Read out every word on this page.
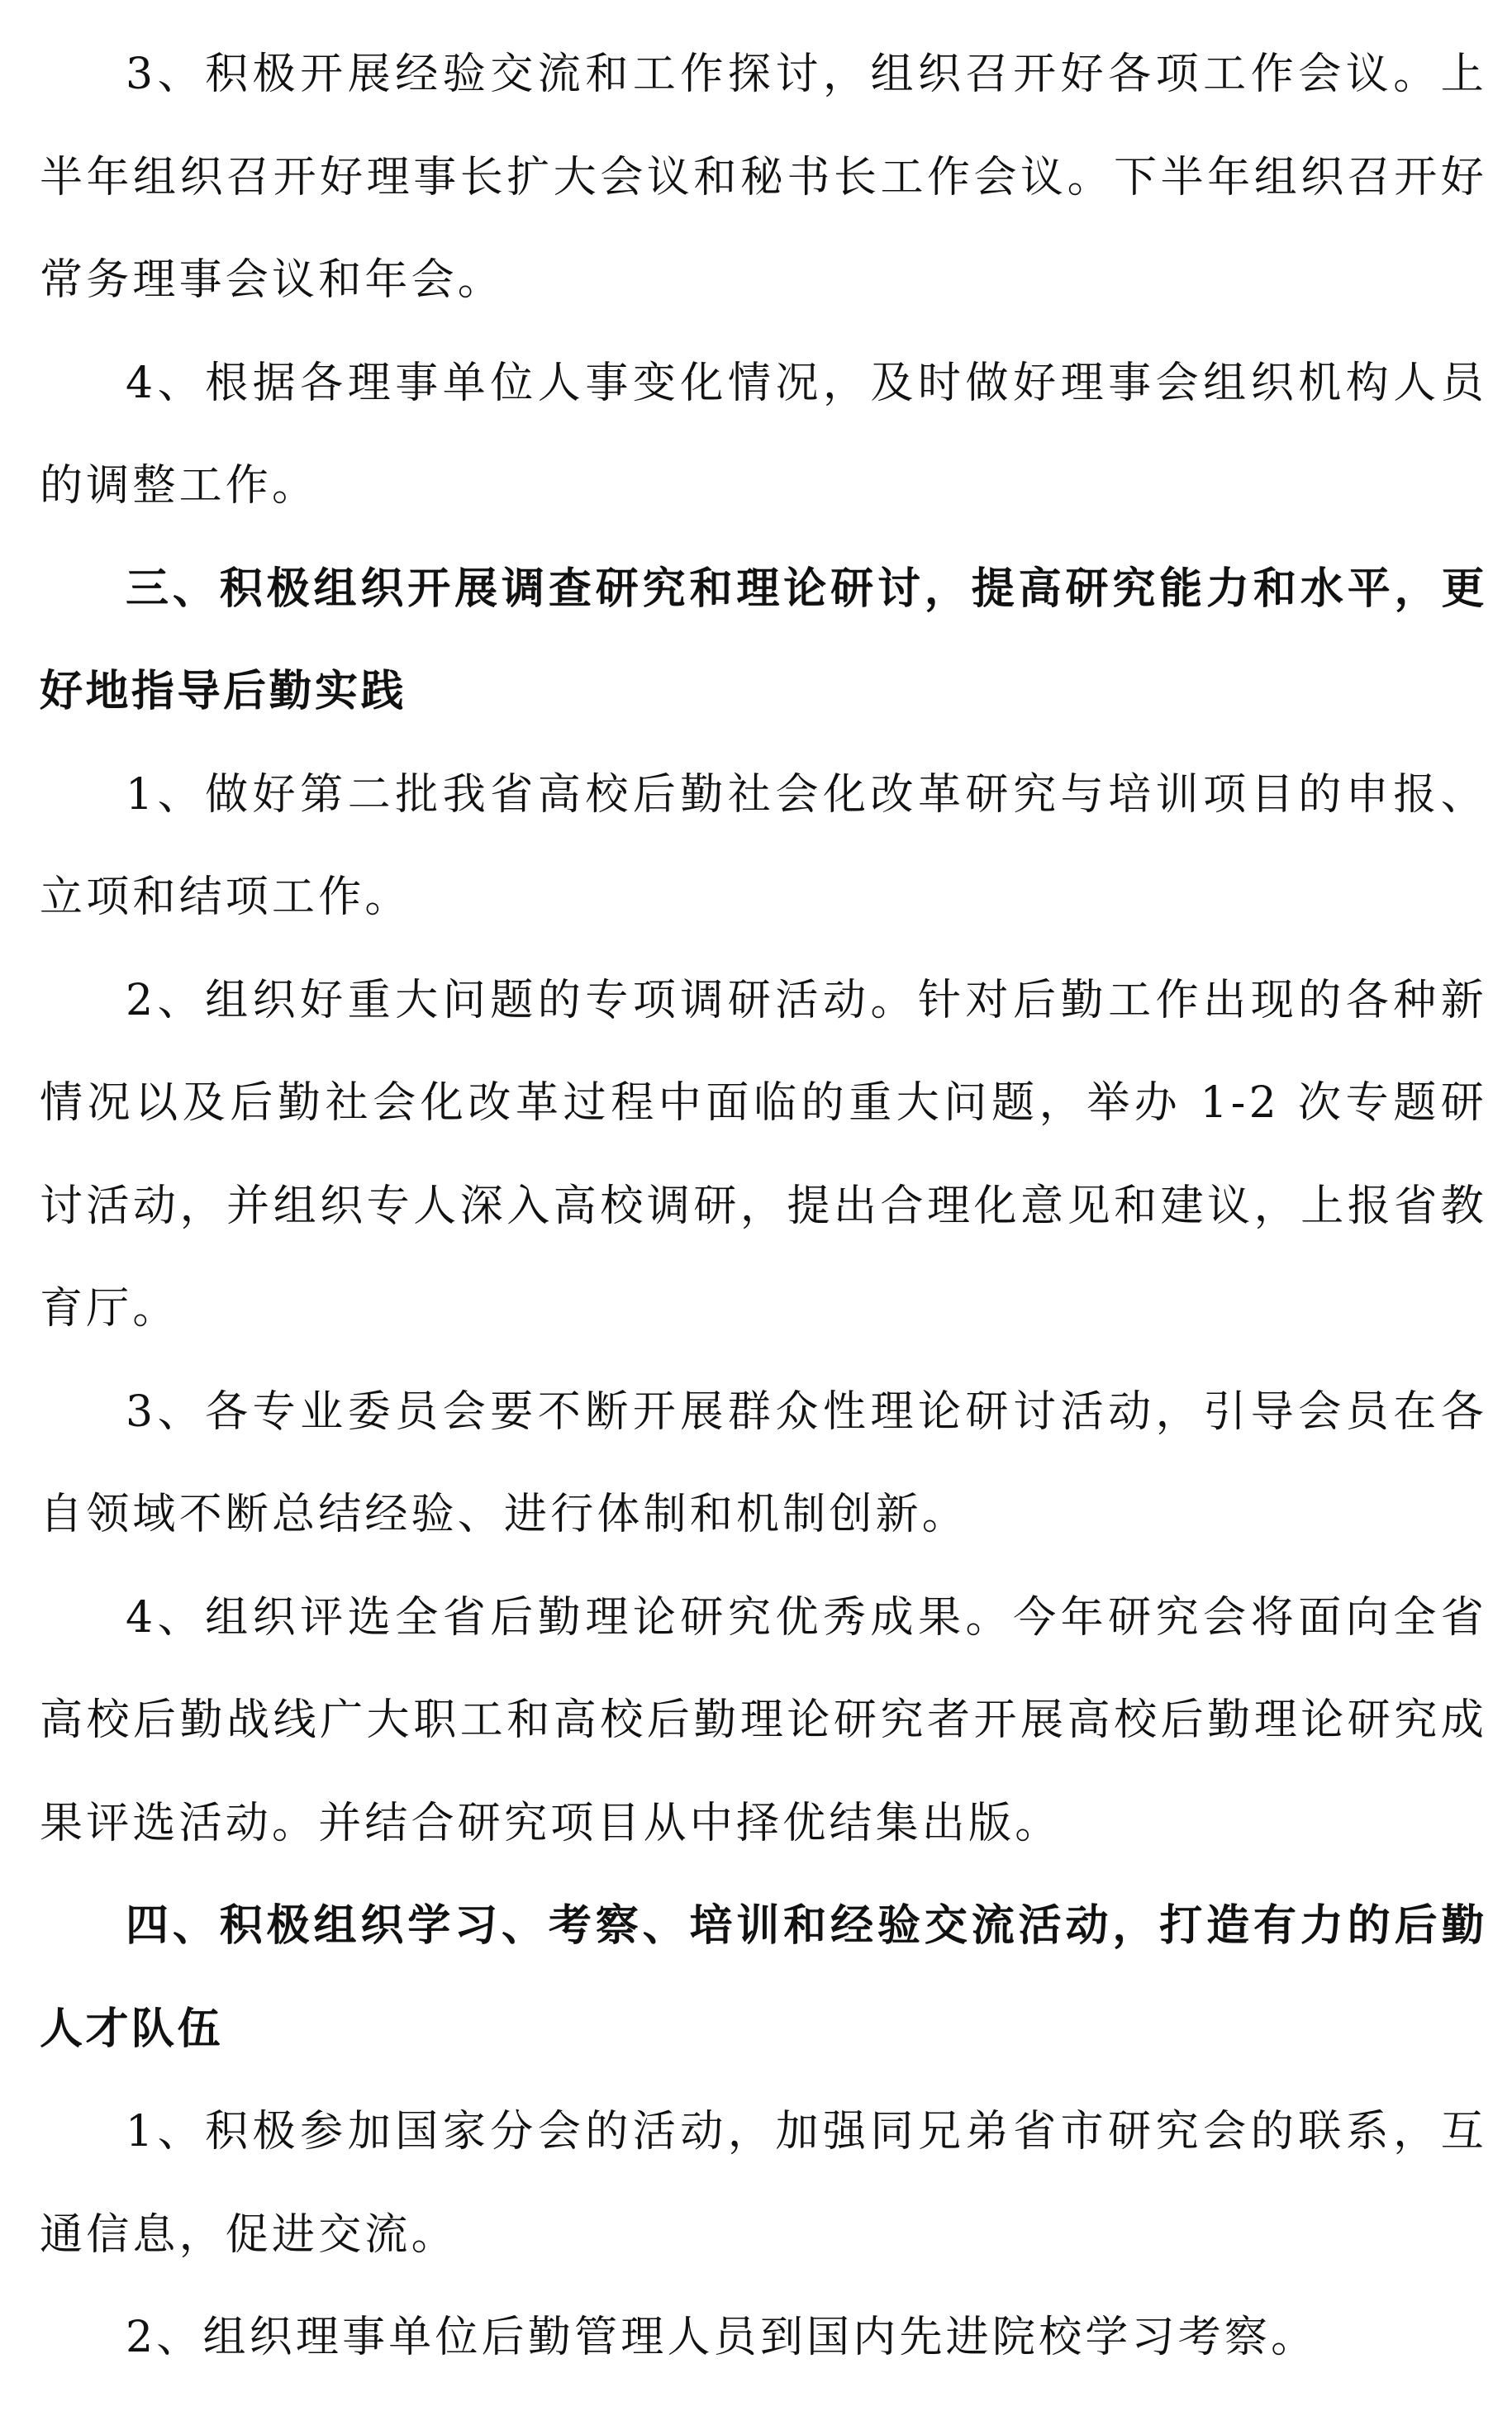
3、积极开展经验交流和工作探讨，组织召开好各项工作会议。上半年组织召开好理事长扩大会议和秘书长工作会议。下半年组织召开好常务理事会议和年会。

4、根据各理事单位人事变化情况，及时做好理事会组织机构人员的调整工作。

三、积极组织开展调查研究和理论研讨，提高研究能力和水平，更好地指导后勤实践

1、做好第二批我省高校后勤社会化改革研究与培训项目的申报、立项和结项工作。

2、组织好重大问题的专项调研活动。针对后勤工作出现的各种新情况以及后勤社会化改革过程中面临的重大问题，举办 1-2 次专题研讨活动，并组织专人深入高校调研，提出合理化意见和建议，上报省教育厅。

3、各专业委员会要不断开展群众性理论研讨活动，引导会员在各自领域不断总结经验、进行体制和机制创新。

4、组织评选全省后勤理论研究优秀成果。今年研究会将面向全省高校后勤战线广大职工和高校后勤理论研究者开展高校后勤理论研究成果评选活动。并结合研究项目从中择优结集出版。

四、积极组织学习、考察、培训和经验交流活动，打造有力的后勤人才队伍

1、积极参加国家分会的活动，加强同兄弟省市研究会的联系，互通信息，促进交流。

2、组织理事单位后勤管理人员到国内先进院校学习考察。
